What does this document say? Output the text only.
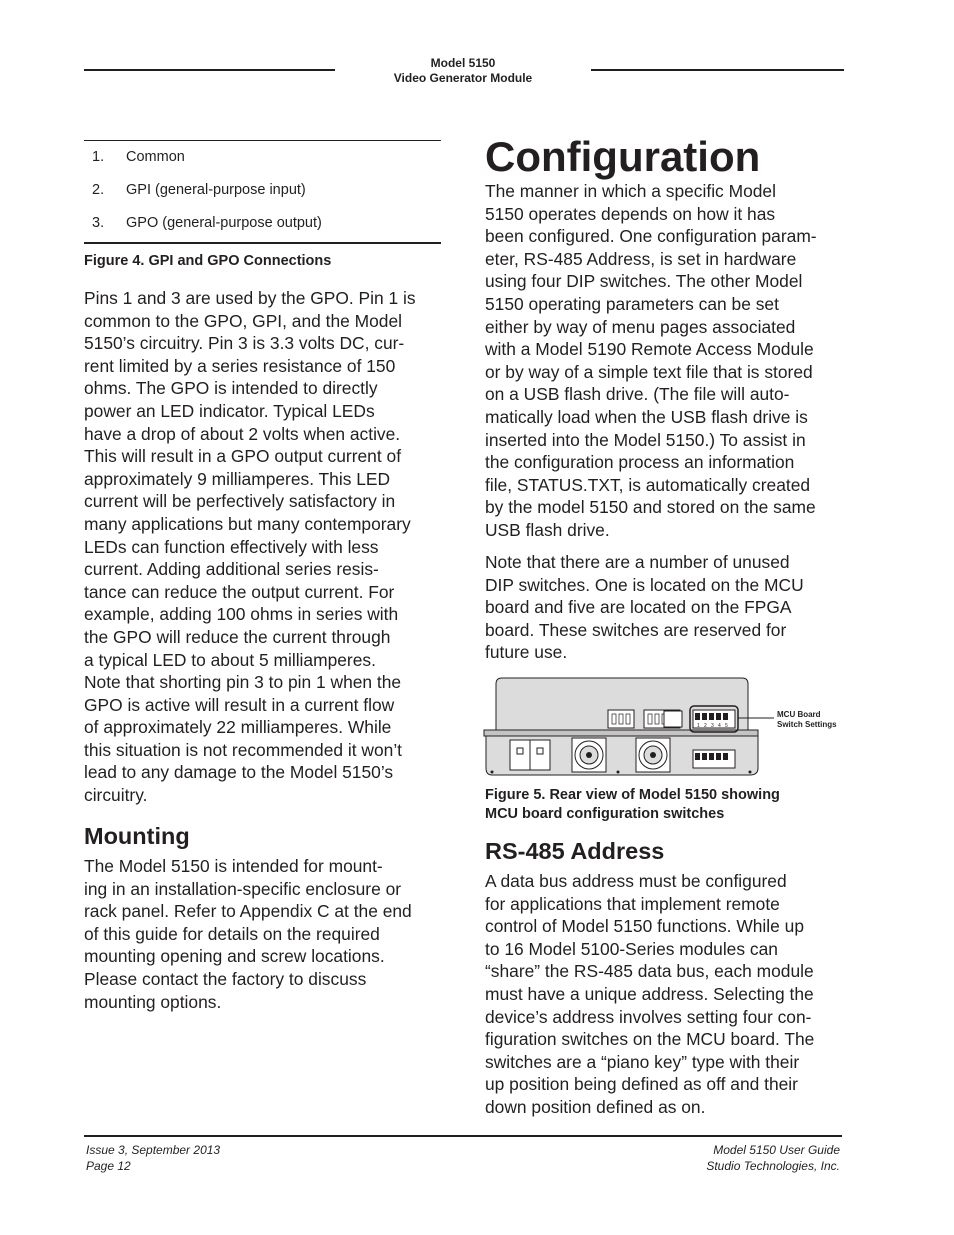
Model 5150
Video Generator Module
1. Common
2. GPI (general-purpose input)
3. GPO (general-purpose output)
Figure 4. GPI and GPO Connections
Pins 1 and 3 are used by the GPO. Pin 1 is
common to the GPO, GPI, and the Model
5150’s circuitry. Pin 3 is 3.3 volts DC, cur-
rent limited by a series resistance of 150
ohms. The GPO is intended to directly
power an LED indicator. Typical LEDs
have a drop of about 2 volts when active.
This will result in a GPO output current of
approximately 9 milliamperes. This LED
current will be perfectively satisfactory in
many applications but many contemporary
LEDs can function effectively with less
current. Adding additional series resis-
tance can reduce the output current. For
example, adding 100 ohms in series with
the GPO will reduce the current through
a typical LED to about 5 milliamperes.
Note that shorting pin 3 to pin 1 when the
GPO is active will result in a current flow
of approximately 22 milliamperes. While
this situation is not recommended it won’t
lead to any damage to the Model 5150’s
circuitry.
Mounting
The Model 5150 is intended for mount-
ing in an installation-specific enclosure or
rack panel. Refer to Appendix C at the end
of this guide for details on the required
mounting opening and screw locations.
Please contact the factory to discuss
mounting options.
Configuration
The manner in which a specific Model
5150 operates depends on how it has
been configured. One configuration param-
eter, RS-485 Address, is set in hardware
using four DIP switches. The other Model
5150 operating parameters can be set
either by way of menu pages associated
with a Model 5190 Remote Access Module
or by way of a simple text file that is stored
on a USB flash drive. (The file will auto-
matically load when the USB flash drive is
inserted into the Model 5150.) To assist in
the configuration process an information
file, STATUS.TXT, is automatically created
by the model 5150 and stored on the same
USB flash drive.
Note that there are a number of unused
DIP switches. One is located on the MCU
board and five are located on the FPGA
board. These switches are reserved for
future use.
1 2 3 4 5
MCU Board
Switch Settings
Figure 5. Rear view of Model 5150 showing
MCU board configuration switches
RS-485 Address
A data bus address must be configured
for applications that implement remote
control of Model 5150 functions. While up
to 16 Model 5100-Series modules can
“share” the RS-485 data bus, each module
must have a unique address. Selecting the
device’s address involves setting four con-
figuration switches on the MCU board. The
switches are a “piano key” type with their
up position being defined as off and their
down position defined as on.
Issue 3, September 2013
Page 12
Model 5150 User Guide
Studio Technologies, Inc.
